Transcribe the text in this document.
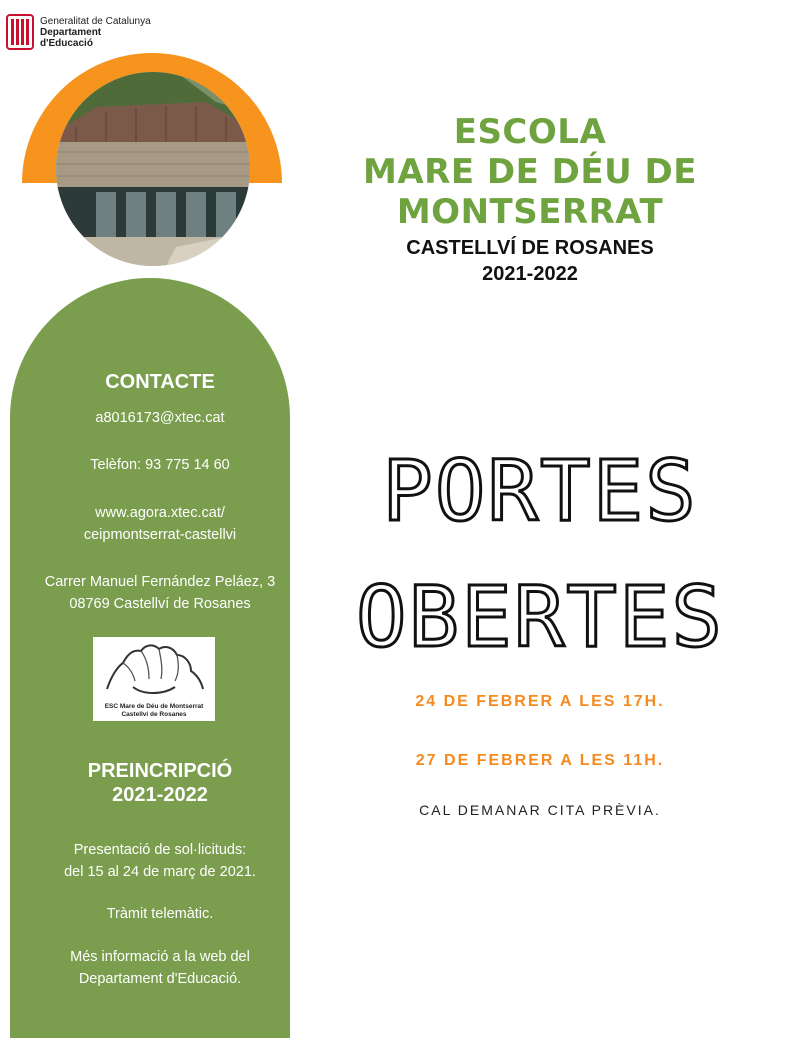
Generalitat de Catalunya
Departament
d'Educació
ESCOLA
MARE DE DÉU DE
MONTSERRAT
CASTELLVÍ DE ROSANES
2021-2022
CONTACTE
a8016173@xtec.cat
Telèfon: 93 775 14 60
www.agora.xtec.cat/
ceipmontserrat-castellvi
Carrer Manuel Fernández Peláez, 3
08769 Castellví de Rosanes
PREINCRIPCIÓ
2021-2022
Presentació de sol·licituds:
del 15 al 24 de març de 2021.
Tràmit telemàtic.
Més informació a la web del
Departament d'Educació.
ESC Mare de Déu de Montserrat
Castellví de Rosanes
PORTES
OBERTES
24 DE FEBRER A LES 17H.
27 DE FEBRER A LES 11H.
CAL DEMANAR CITA PRÈVIA.
